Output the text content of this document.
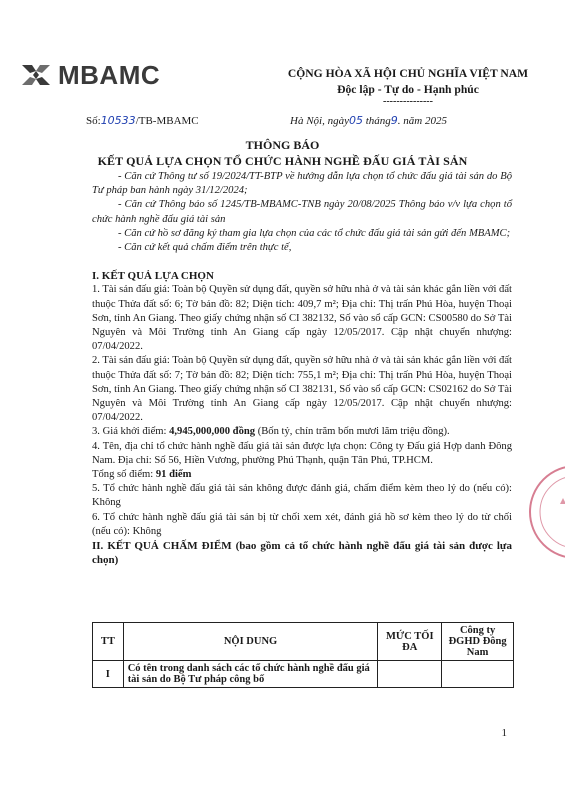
MBAMC	CỘNG HÒA XÃ HỘI CHỦ NGHĨA VIỆT NAM
Độc lập - Tự do - Hạnh phúc
---------------
Số:10533/TB-MBAMC	Hà Nội, ngày05 tháng9. năm 2025
THÔNG BÁO
KẾT QUẢ LỰA CHỌN TỔ CHỨC HÀNH NGHỀ ĐẤU GIÁ TÀI SẢN

- Căn cứ Thông tư số 19/2024/TT-BTP về hướng dẫn lựa chọn tổ chức đấu giá tài sản do Bộ Tư pháp ban hành ngày 31/12/2024;

- Căn cứ Thông báo số 1245/TB-MBAMC-TNB ngày 20/08/2025 Thông báo v/v lựa chọn tổ chức hành nghề đấu giá tài sản

- Căn cứ hồ sơ đăng ký tham gia lựa chọn của các tổ chức đấu giá tài sản gửi đến MBAMC;

- Căn cứ kết quả chấm điểm trên thực tế,

I. KẾT QUẢ LỰA CHỌN

1. Tài sản đấu giá: Toàn bộ Quyền sử dụng đất, quyền sở hữu nhà ở và tài sản khác gắn liền với đất thuộc Thửa đất số: 6; Tờ bản đồ: 82; Diện tích: 409,7 m²; Địa chỉ: Thị trấn Phú Hòa, huyện Thoại Sơn, tỉnh An Giang. Theo giấy chứng nhận số CI 382132, Số vào sổ cấp GCN: CS00580 do Sở Tài Nguyên và Môi Trường tỉnh An Giang cấp ngày 12/05/2017. Cập nhật chuyển nhượng: 07/04/2022.

2. Tài sản đấu giá: Toàn bộ Quyền sử dụng đất, quyền sở hữu nhà ở và tài sản khác gắn liền với đất thuộc Thửa đất số: 7; Tờ bản đồ: 82; Diện tích: 755,1 m²; Địa chỉ: Thị trấn Phú Hòa, huyện Thoại Sơn, tỉnh An Giang. Theo giấy chứng nhận số CI 382131, Số vào sổ cấp GCN: CS02162 do Sở Tài Nguyên và Môi Trường tỉnh An Giang cấp ngày 12/05/2017. Cập nhật chuyển nhượng: 07/04/2022.

3. Giá khởi điểm: 4,945,000,000 đồng (Bốn tỷ, chín trăm bốn mươi lăm triệu đồng).

4. Tên, địa chỉ tổ chức hành nghề đấu giá tài sản được lựa chọn: Công ty Đấu giá Hợp danh Đông Nam. Địa chỉ: Số 56, Hiền Vương, phường Phú Thạnh, quận Tân Phú, TP.HCM.

Tổng số điểm: 91 điểm

5. Tổ chức hành nghề đấu giá tài sản không được đánh giá, chấm điểm kèm theo lý do (nếu có): Không

6. Tổ chức hành nghề đấu giá tài sản bị từ chối xem xét, đánh giá hồ sơ kèm theo lý do từ chối (nếu có): Không

II. KẾT QUẢ CHẤM ĐIỂM (bao gồm cả tổ chức hành nghề đấu giá tài sản được lựa chọn)

TT	NỘI DUNG	MỨC TỐI ĐA	Công ty ĐGHD Đông Nam
I	Có tên trong danh sách các tổ chức hành nghề đấu giá tài sản do Bộ Tư pháp công bố		
1
